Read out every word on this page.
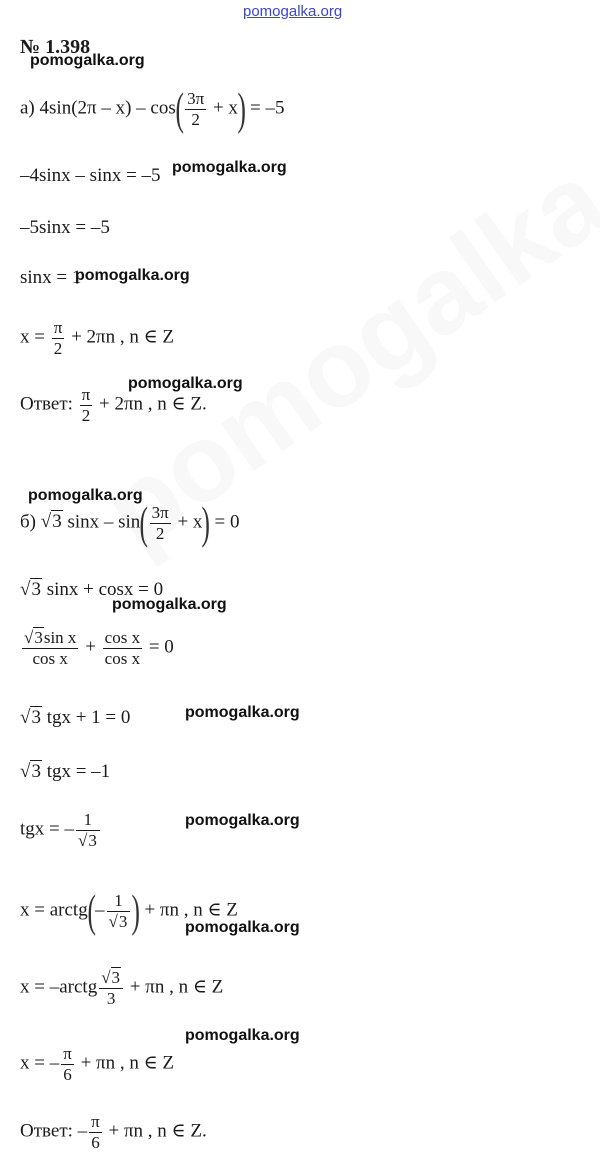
pomogalka.org
№ 1.398
pomogalka.org
pomogalka.org
pomogalka.org
pomogalka.org
pomogalka.org
pomogalka.org
pomogalka.org
pomogalka.org
pomogalka.org
pomogalka.org
а) $4\sin(2\pi - x) - \cos( \frac{3\pi}{2} + x) = -5$
–4sinx – sinx = –5
–5sinx = –5
sinx = 1
$x = \frac{\pi}{2} + 2\pi n$ , n ∈ Z
Ответ: $\frac{\pi}{2} + 2\pi n$ , n ∈ Z.
б) √3 $\sin x - \sin( \frac{3\pi}{2} + x) = 0$
√3 sinx + cosx = 0
$\frac{\text{√3sin x}}{\text{cos x}} + \frac{\text{cos x}}{\text{cos x}} = 0$
√3 tgx + 1 = 0
√3 tgx = –1
tgx = – $\frac{1}{√3}$
x = arctg(– $\frac{1}{√3}$ ) + πn , n ∈ Z
x = –arctg $\frac{√3}{3} + \pi n$ , n ∈ Z
x = – $\frac{\pi}{6} + \pi n$ , n ∈ Z
Ответ: – $\frac{\pi}{6} + \pi n$ , n ∈ Z.
